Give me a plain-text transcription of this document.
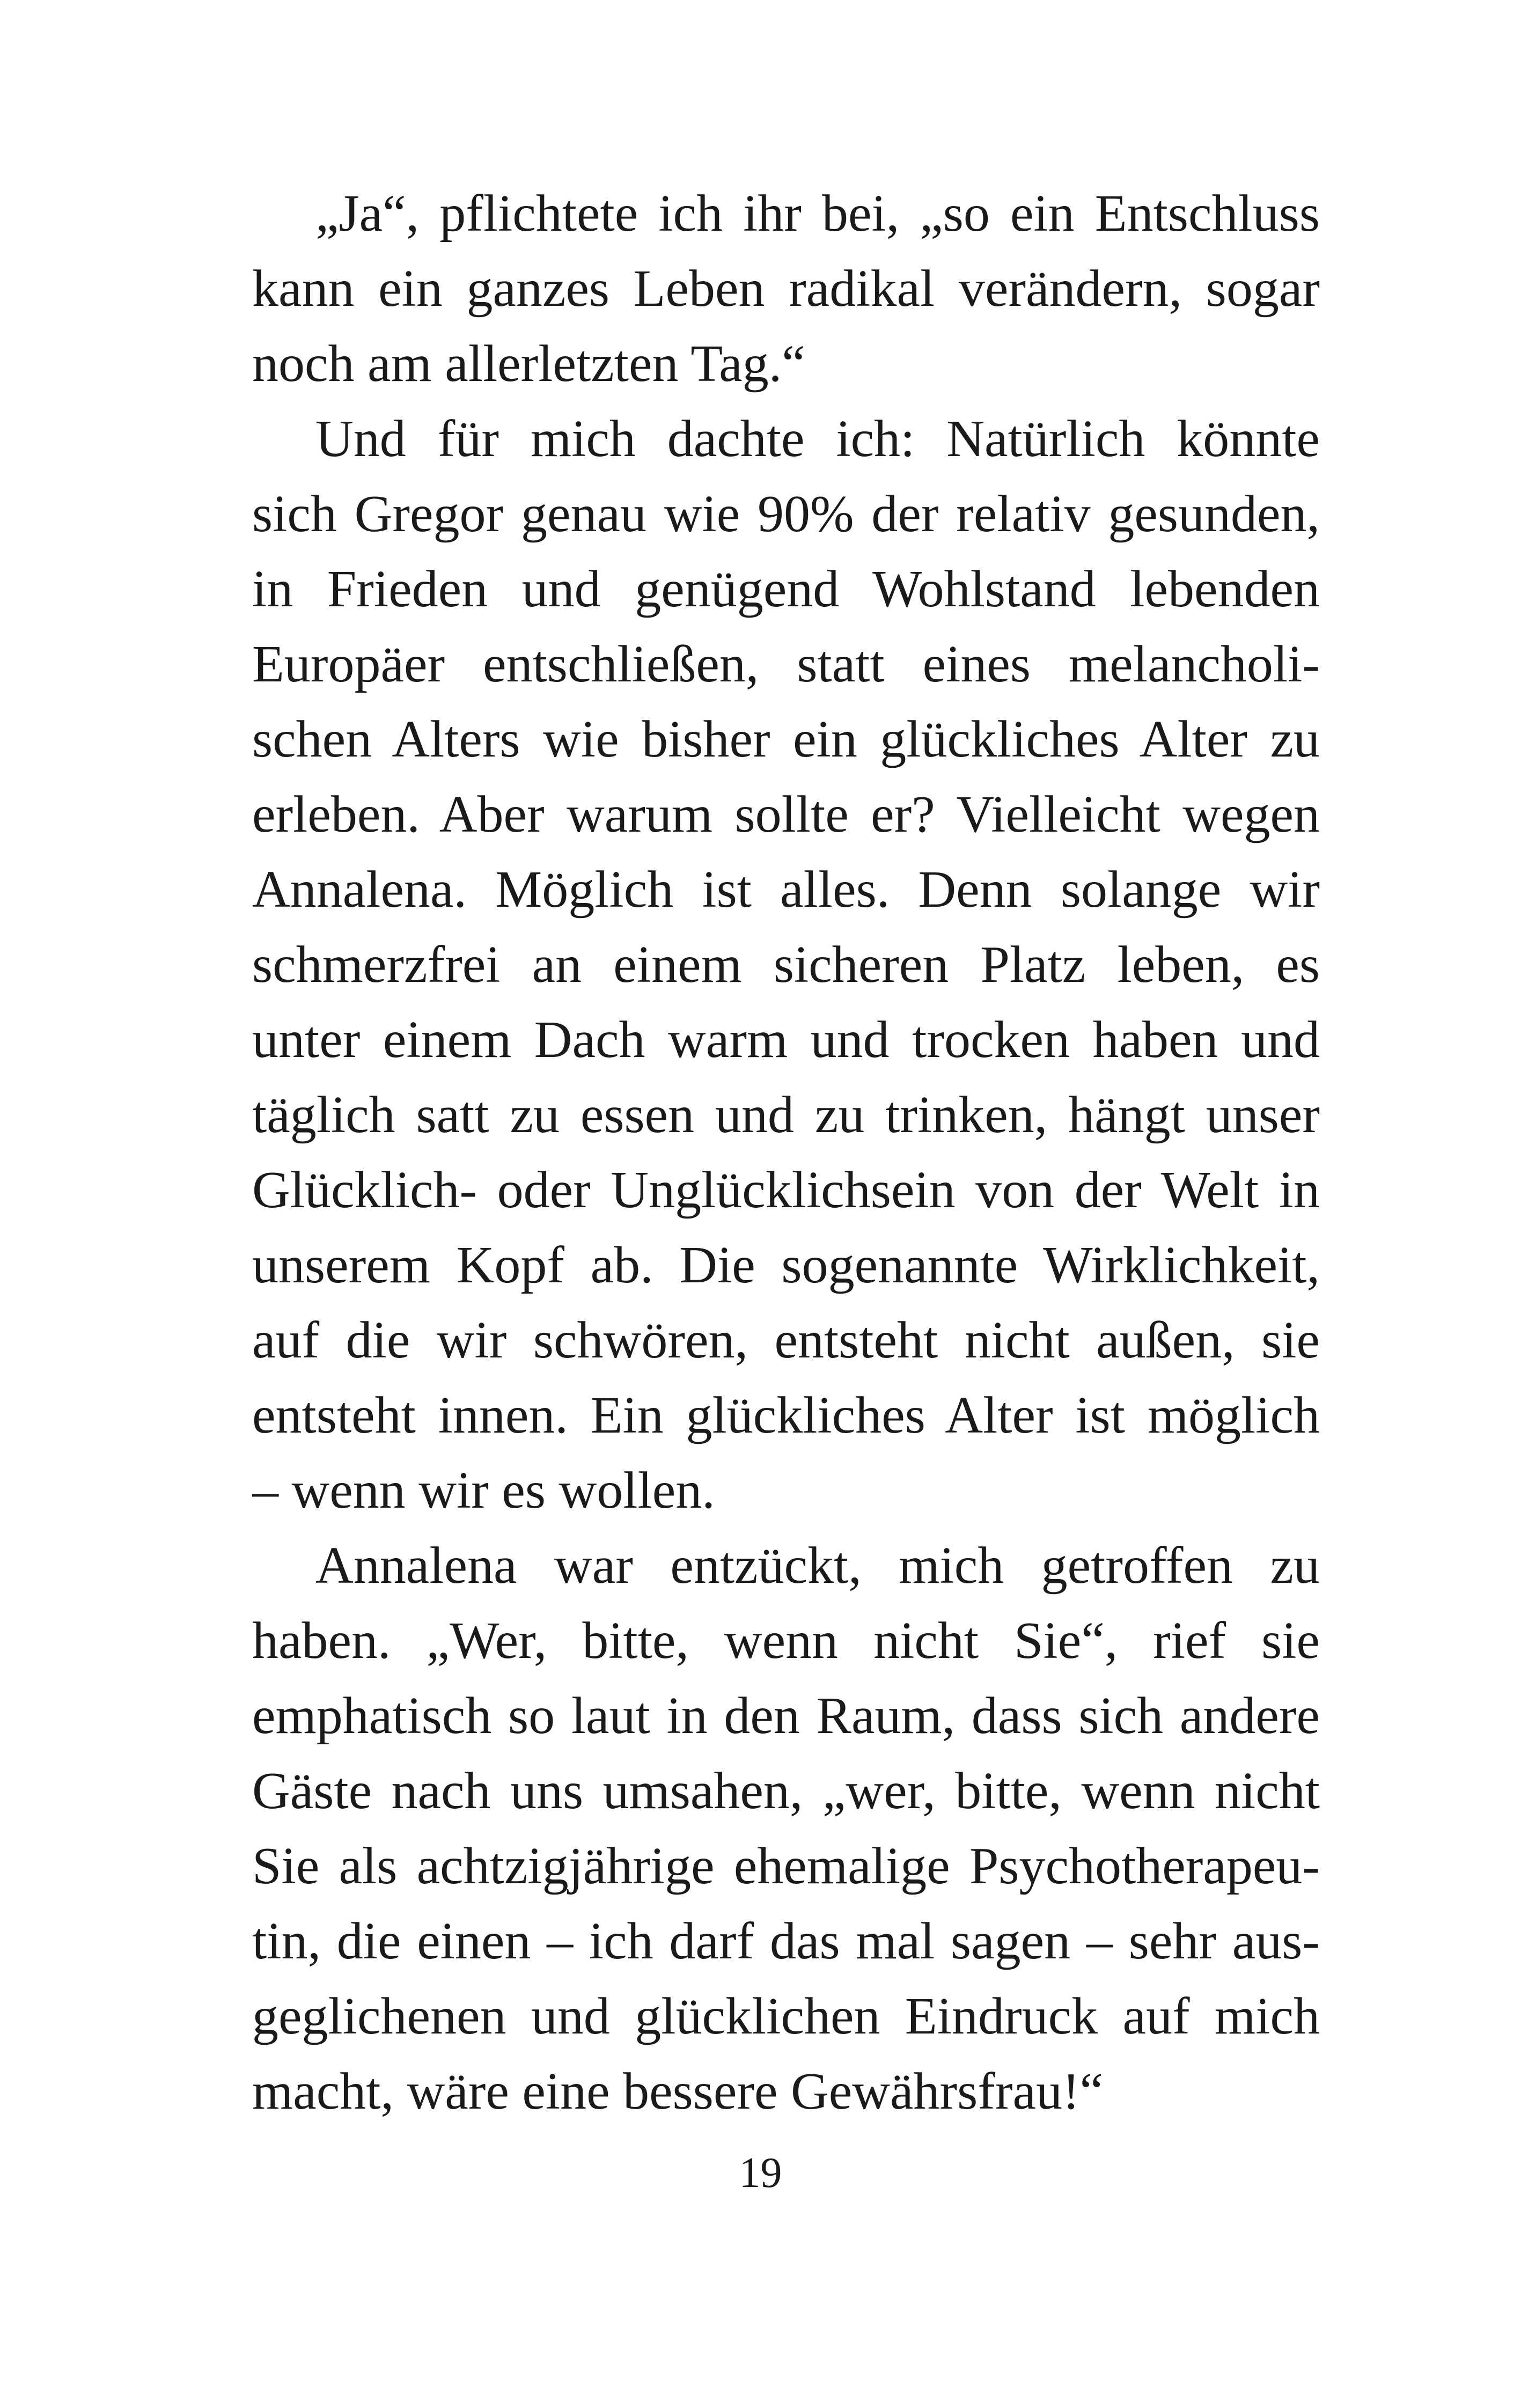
„Ja“, pflichtete ich ihr bei, „so ein Entschluss
kann ein ganzes Leben radikal verändern, sogar
noch am allerletzten Tag.“
Und für mich dachte ich: Natürlich könnte
sich Gregor genau wie 90% der relativ gesunden,
in Frieden und genügend Wohlstand lebenden
Europäer entschließen, statt eines melancholi-
schen Alters wie bisher ein glückliches Alter zu
erleben. Aber warum sollte er? Vielleicht wegen
Annalena. Möglich ist alles. Denn solange wir
schmerzfrei an einem sicheren Platz leben, es
unter einem Dach warm und trocken haben und
täglich satt zu essen und zu trinken, hängt unser
Glücklich- oder Unglücklichsein von der Welt in
unserem Kopf ab. Die sogenannte Wirklichkeit,
auf die wir schwören, entsteht nicht außen, sie
entsteht innen. Ein glückliches Alter ist möglich
– wenn wir es wollen.
Annalena war entzückt, mich getroffen zu
haben. „Wer, bitte, wenn nicht Sie“, rief sie
emphatisch so laut in den Raum, dass sich andere
Gäste nach uns umsahen, „wer, bitte, wenn nicht
Sie als achtzigjährige ehemalige Psychotherapeu-
tin, die einen – ich darf das mal sagen – sehr aus-
geglichenen und glücklichen Eindruck auf mich
macht, wäre eine bessere Gewährsfrau!“
19
